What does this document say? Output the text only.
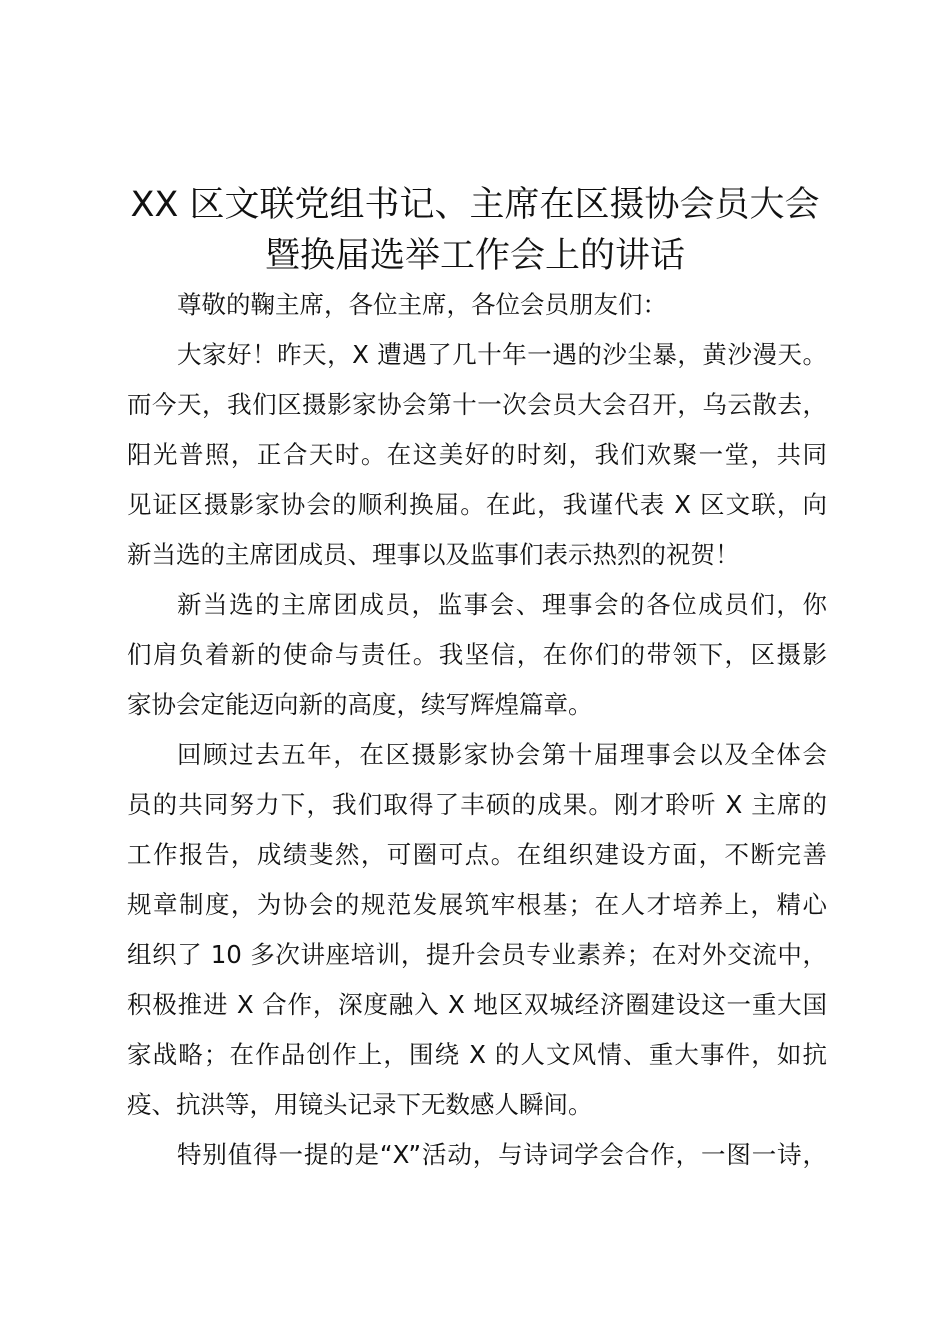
XX 区文联党组书记、主席在区摄协会员大会
暨换届选举工作会上的讲话

尊敬的鞠主席，各位主席，各位会员朋友们：

大家好！昨天，X 遭遇了几十年一遇的沙尘暴，黄沙漫天。
而今天，我们区摄影家协会第十一次会员大会召开，乌云散去，
阳光普照，正合天时。在这美好的时刻，我们欢聚一堂，共同
见证区摄影家协会的顺利换届。在此，我谨代表 X 区文联，向
新当选的主席团成员、理事以及监事们表示热烈的祝贺！

新当选的主席团成员，监事会、理事会的各位成员们，你
们肩负着新的使命与责任。我坚信，在你们的带领下，区摄影
家协会定能迈向新的高度，续写辉煌篇章。

回顾过去五年，在区摄影家协会第十届理事会以及全体会
员的共同努力下，我们取得了丰硕的成果。刚才聆听 X 主席的
工作报告，成绩斐然，可圈可点。在组织建设方面，不断完善
规章制度，为协会的规范发展筑牢根基；在人才培养上，精心
组织了 10 多次讲座培训，提升会员专业素养；在对外交流中，
积极推进 X 合作，深度融入 X 地区双城经济圈建设这一重大国
家战略；在作品创作上，围绕 X 的人文风情、重大事件，如抗
疫、抗洪等，用镜头记录下无数感人瞬间。

特别值得一提的是“X”活动，与诗词学会合作，一图一诗，
